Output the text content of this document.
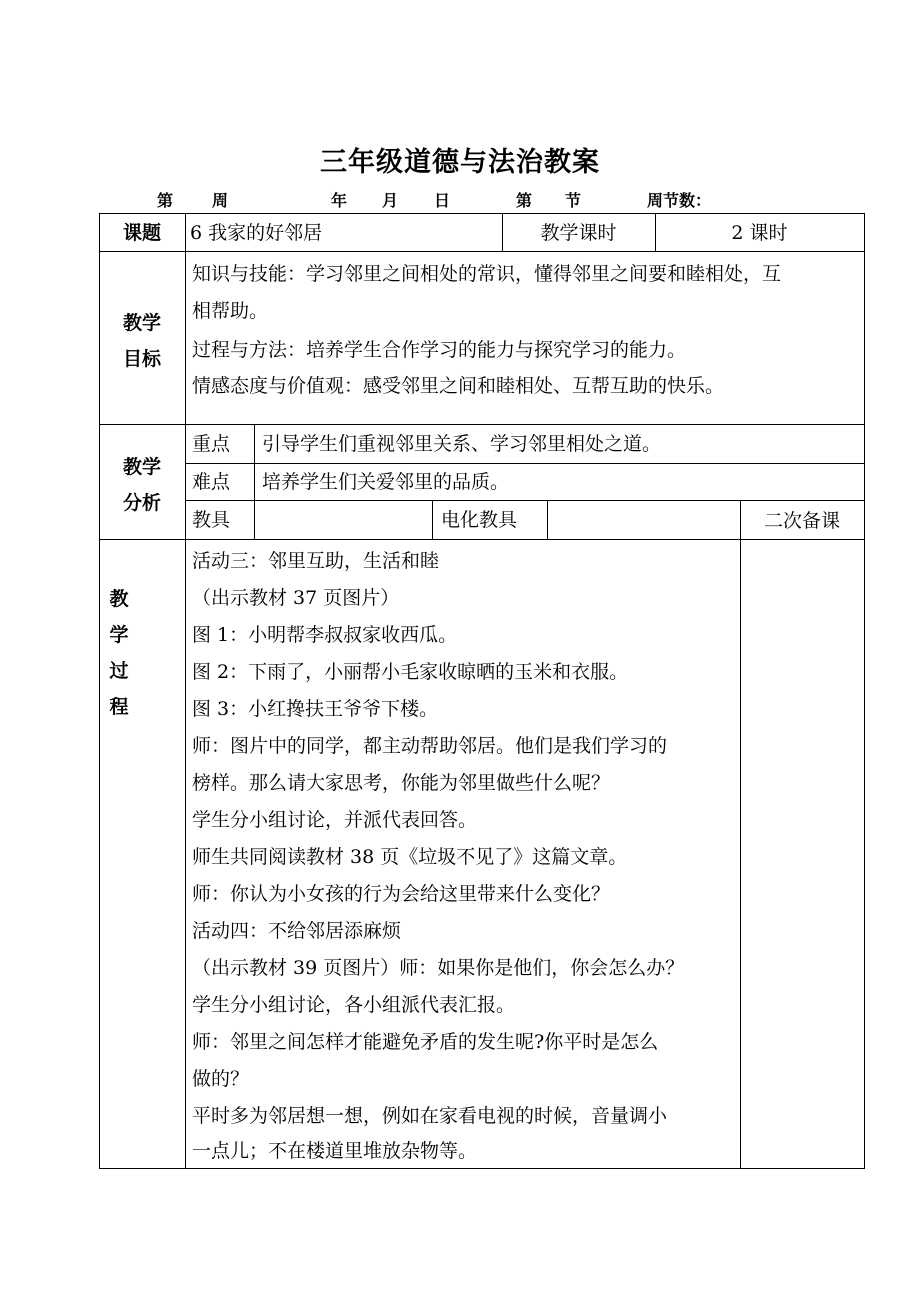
三年级道德与法治教案
第 周	年 月 日	第 节	周节数：
课题	6 我家的好邻居	教学课时	2 课时
教学
目标
知识与技能：学习邻里之间相处的常识，懂得邻里之间要和睦相处，互
相帮助。
过程与方法：培养学生合作学习的能力与探究学习的能力。
情感态度与价值观：感受邻里之间和睦相处、互帮互助的快乐。
教学
分析
重点 引导学生们重视邻里关系、学习邻里相处之道。
难点 培养学生们关爱邻里的品质。
教具	电化教具	二次备课
教
学
过
程
活动三：邻里互助，生活和睦
（出示教材 37 页图片）
图 1：小明帮李叔叔家收西瓜。
图 2：下雨了，小丽帮小毛家收晾晒的玉米和衣服。
图 3：小红搀扶王爷爷下楼。
师：图片中的同学，都主动帮助邻居。他们是我们学习的
榜样。那么请大家思考，你能为邻里做些什么呢？
学生分小组讨论，并派代表回答。
师生共同阅读教材 38 页《垃圾不见了》这篇文章。
师：你认为小女孩的行为会给这里带来什么变化？
活动四：不给邻居添麻烦
（出示教材 39 页图片）师：如果你是他们，你会怎么办？
学生分小组讨论，各小组派代表汇报。
师：邻里之间怎样才能避免矛盾的发生呢?你平时是怎么
做的？
平时多为邻居想一想，例如在家看电视的时候，音量调小
一点儿；不在楼道里堆放杂物等。
